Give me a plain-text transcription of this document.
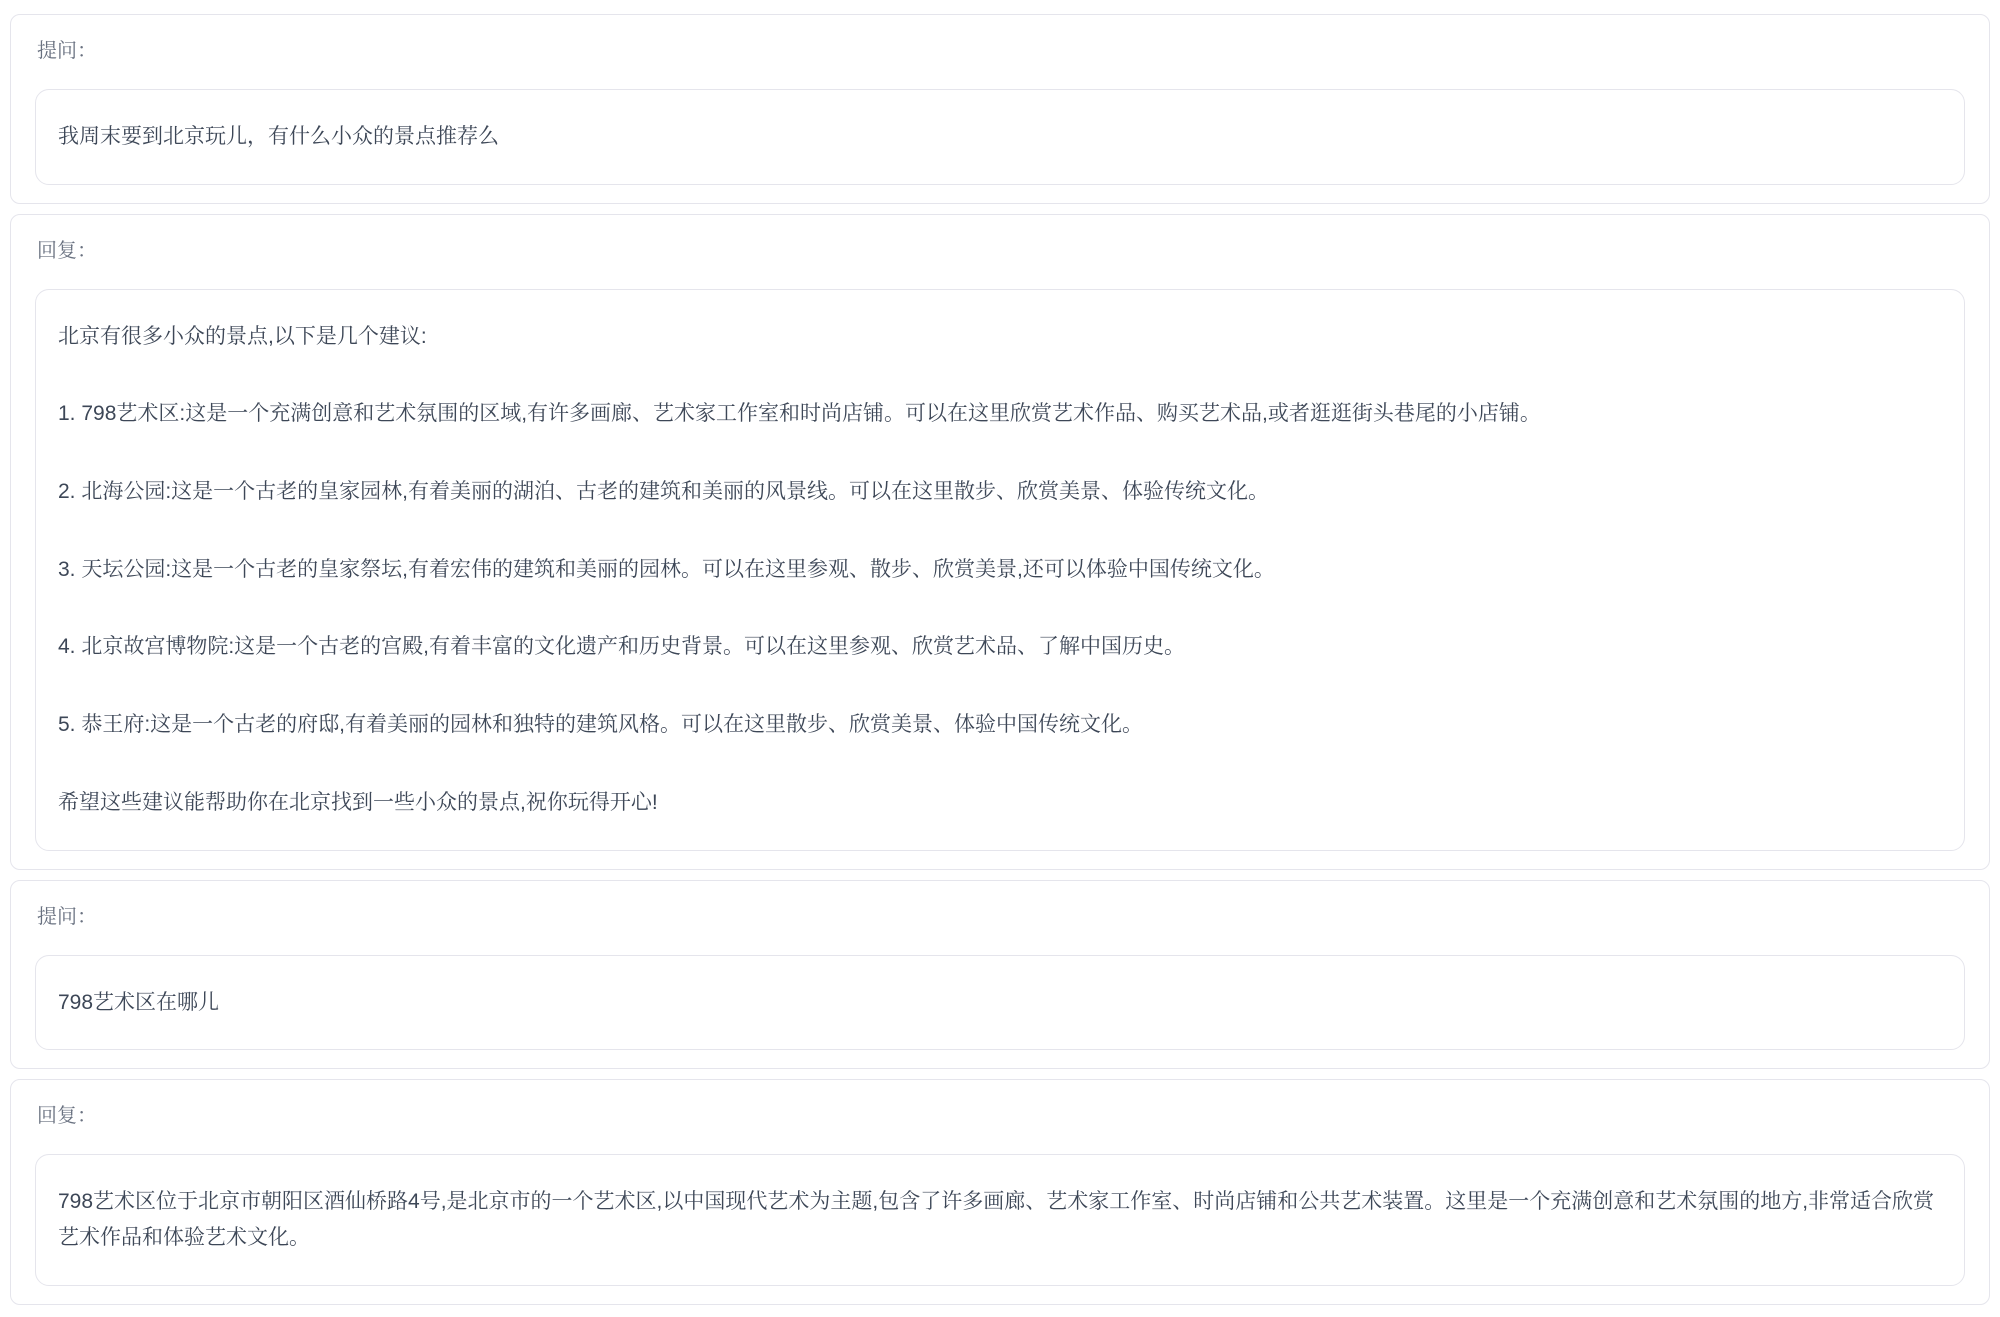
提问：

我周末要到北京玩儿，有什么小众的景点推荐么

回复：

北京有很多小众的景点,以下是几个建议:

1. 798艺术区:这是一个充满创意和艺术氛围的区域,有许多画廊、艺术家工作室和时尚店铺。可以在这里欣赏艺术作品、购买艺术品,或者逛逛街头巷尾的小店铺。

2. 北海公园:这是一个古老的皇家园林,有着美丽的湖泊、古老的建筑和美丽的风景线。可以在这里散步、欣赏美景、体验传统文化。

3. 天坛公园:这是一个古老的皇家祭坛,有着宏伟的建筑和美丽的园林。可以在这里参观、散步、欣赏美景,还可以体验中国传统文化。

4. 北京故宫博物院:这是一个古老的宫殿,有着丰富的文化遗产和历史背景。可以在这里参观、欣赏艺术品、了解中国历史。

5. 恭王府:这是一个古老的府邸,有着美丽的园林和独特的建筑风格。可以在这里散步、欣赏美景、体验中国传统文化。

希望这些建议能帮助你在北京找到一些小众的景点,祝你玩得开心!

提问：

798艺术区在哪儿

回复：

798艺术区位于北京市朝阳区酒仙桥路4号,是北京市的一个艺术区,以中国现代艺术为主题,包含了许多画廊、艺术家工作室、时尚店铺和公共艺术装置。这里是一个充满创意和艺术氛围的地方,非常适合欣赏艺术作品和体验艺术文化。
